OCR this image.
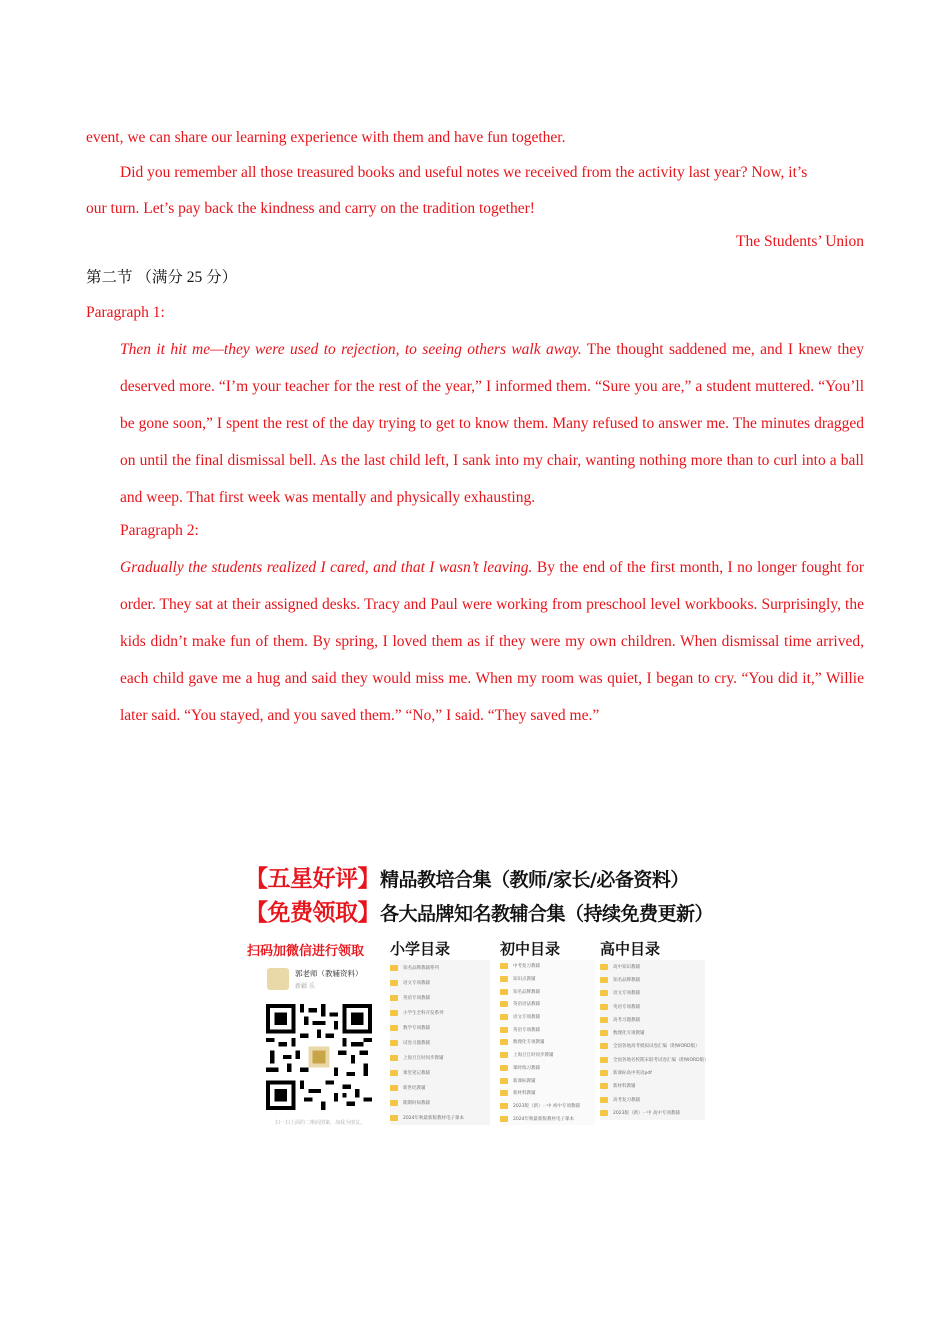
event, we can share our learning experience with them and have fun together.
Did you remember all those treasured books and useful notes we received from the activity last year? Now, it’s
our turn. Let’s pay back the kindness and carry on the tradition together!
The Students’ Union
第二节 （满分 25 分）
Paragraph 1:
Then it hit me—they were used to rejection, to seeing others walk away. The thought saddened me, and I knew they deserved more. “I’m your teacher for the rest of the year,” I informed them. “Sure you are,” a student muttered. “You’ll be gone soon,” I spent the rest of the day trying to get to know them. Many refused to answer me. The minutes dragged on until the final dismissal bell. As the last child left, I sank into my chair, wanting nothing more than to curl into a ball and weep. That first week was mentally and physically exhausting.
Paragraph 2:
Gradually the students realized I cared, and that I wasn’t leaving. By the end of the first month, I no longer fought for order. They sat at their assigned desks. Tracy and Paul were working from preschool level workbooks. Surprisingly, the kids didn’t make fun of them. By spring, I loved them as if they were my own children. When dismissal time arrived, each child gave me a hug and said they would miss me. When my room was quiet, I began to cry. “You did it,” Willie later said. “You stayed, and you saved them.” “No,” I said. “They saved me.”
【五星好评】精品教培合集（教师/家长/必备资料）
【免费领取】各大品牌知名教辅合集（持续免费更新）
扫码加微信进行领取
郭老师（教辅资料）
新疆 乐
扫一扫上面的二维码图案，加我为朋友。
小学目录
知名品牌教辅系列
语文专项教辅
英语专项教辅
小学生全科开发系列
数学专项教辅
试卷习题教辅
上海旦旦时同步教辅
课堂笔记教辅
新世纪教辅
期期时间教辅
2024年秋最新版教材电子课本
初中目录
中考复习教辅
知识点教辅
知名品牌教辅
英语语法教辅
语文专项教辅
英语专项教辅
数理化专项教辅
上海旦旦时同步教辅
课时练习教辅
新课标教辅
新材料教辅
2023版（新）一中 初中专项教辅
2024年秋最新版教材电子课本
高中目录
高中知识教辅
知名品牌教辅
语文专项教辅
英语专项教辅
高考习题教辅
数理化专项教辅
全国各地高考模拟试卷汇编（附WORD版）
全国各地名校期末联考试卷汇编（附WORD版）
新课标高中英语pdf
新材料教辅
高考复习教辅
2023版（新）一中 高中专项教辅
